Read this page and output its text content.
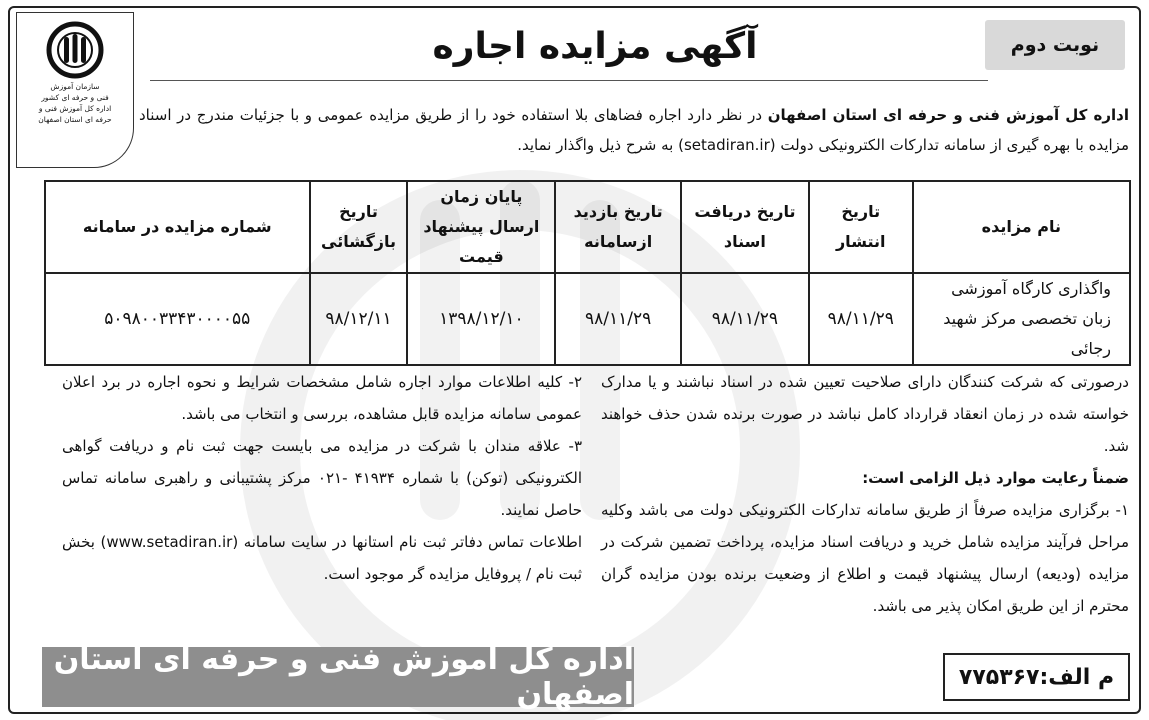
سازمان آموزش
فنی و حرفه ای کشور
اداره کل آموزش فنی و
حرفه ای استان اصفهان
نوبت دوم
آگهی مزایده اجاره
اداره کل آموزش فنی و حرفه ای استان اصفهان در نظر دارد اجاره فضاهای بلا استفاده خود را از طریق مزایده عمومی و با جزئیات مندرج در اسناد مزایده با بهره گیری از سامانه تدارکات الکترونیکی دولت (setadiran.ir) به شرح ذیل واگذار نماید.
نام مزایده	تاریخ انتشار	تاریخ دریافت اسناد	تاریخ بازدید ازسامانه	پایان زمان ارسال پیشنهاد قیمت	تاریخ بازگشائی	شماره مزایده در سامانه
واگذاری کارگاه آموزشی زبان تخصصی مرکز شهید رجائی	۹۸/۱۱/۲۹	۹۸/۱۱/۲۹	۹۸/۱۱/۲۹	۱۳۹۸/۱۲/۱۰	۹۸/۱۲/۱۱	۵۰۹۸۰۰۳۳۴۳۰۰۰۰۵۵

درصورتی که شرکت کنندگان دارای صلاحیت تعیین شده در اسناد نباشند و یا مدارک خواسته شده در زمان انعقاد قرارداد کامل نباشد در صورت برنده شدن حذف خواهند شد.

ضمناً رعایت موارد ذیل الزامی است:

۱- برگزاری مزایده صرفاً از طریق سامانه تدارکات الکترونیکی دولت می باشد وکلیه مراحل فرآیند مزایده شامل خرید و دریافت اسناد مزایده، پرداخت تضمین شرکت در مزایده (ودیعه) ارسال پیشنهاد قیمت و اطلاع از وضعیت برنده بودن مزایده گران محترم از این طریق امکان پذیر می باشد.

۲- کلیه اطلاعات موارد اجاره شامل مشخصات شرایط و نحوه اجاره در برد اعلان عمومی سامانه مزایده قابل مشاهده، بررسی و انتخاب می باشد.

۳- علاقه مندان با شرکت در مزایده می بایست جهت ثبت نام و دریافت گواهی الکترونیکی (توکن) با شماره ۴۱۹۳۴ -۰۲۱ مرکز پشتیبانی و راهبری سامانه تماس حاصل نمایند.

اطلاعات تماس دفاتر ثبت نام استانها در سایت سامانه (www.setadiran.ir) بخش ثبت نام / پروفایل مزایده گر موجود است.

اداره کل آموزش فنی و حرفه ای استان اصفهان	م الف:۷۷۵۳۶۷
